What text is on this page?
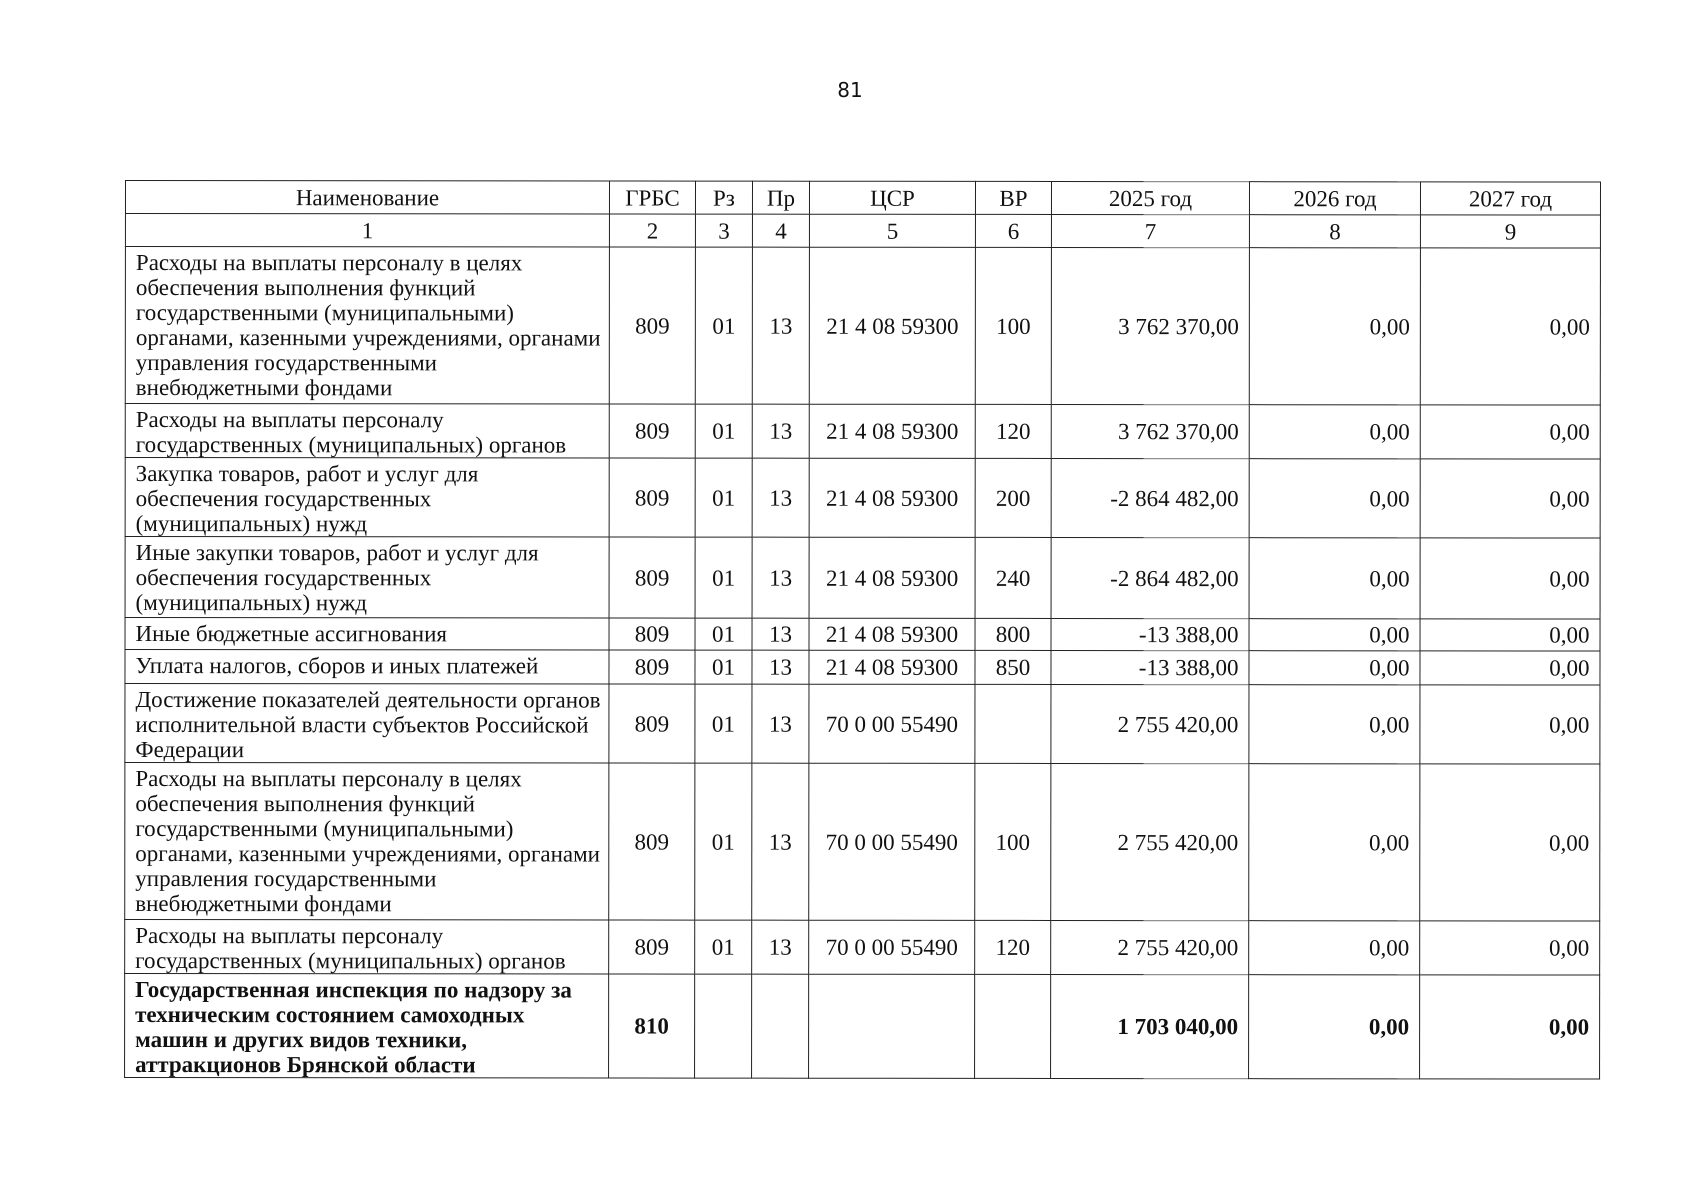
81
Наименование	ГРБС	Рз	Пр	ЦСР	ВР	2025 год	2026 год	2027 год
1	2	3	4	5	6	7	8	9
Расходы на выплаты персоналу в целях обеспечения выполнения функций государственными (муниципальными) органами, казенными учреждениями, органами управления государственными внебюджетными фондами	809	01	13	21 4 08 59300	100	3 762 370,00	0,00	0,00
Расходы на выплаты персоналу государственных (муниципальных) органов	809	01	13	21 4 08 59300	120	3 762 370,00	0,00	0,00
Закупка товаров, работ и услуг для обеспечения государственных (муниципальных) нужд	809	01	13	21 4 08 59300	200	-2 864 482,00	0,00	0,00
Иные закупки товаров, работ и услуг для обеспечения государственных (муниципальных) нужд	809	01	13	21 4 08 59300	240	-2 864 482,00	0,00	0,00
Иные бюджетные ассигнования	809	01	13	21 4 08 59300	800	-13 388,00	0,00	0,00
Уплата налогов, сборов и иных платежей	809	01	13	21 4 08 59300	850	-13 388,00	0,00	0,00
Достижение показателей деятельности органов исполнительной власти субъектов Российской Федерации	809	01	13	70 0 00 55490		2 755 420,00	0,00	0,00
Расходы на выплаты персоналу в целях обеспечения выполнения функций государственными (муниципальными) органами, казенными учреждениями, органами управления государственными внебюджетными фондами	809	01	13	70 0 00 55490	100	2 755 420,00	0,00	0,00
Расходы на выплаты персоналу государственных (муниципальных) органов	809	01	13	70 0 00 55490	120	2 755 420,00	0,00	0,00
Государственная инспекция по надзору за техническим состоянием самоходных машин и других видов техники, аттракционов Брянской области	810					1 703 040,00	0,00	0,00
